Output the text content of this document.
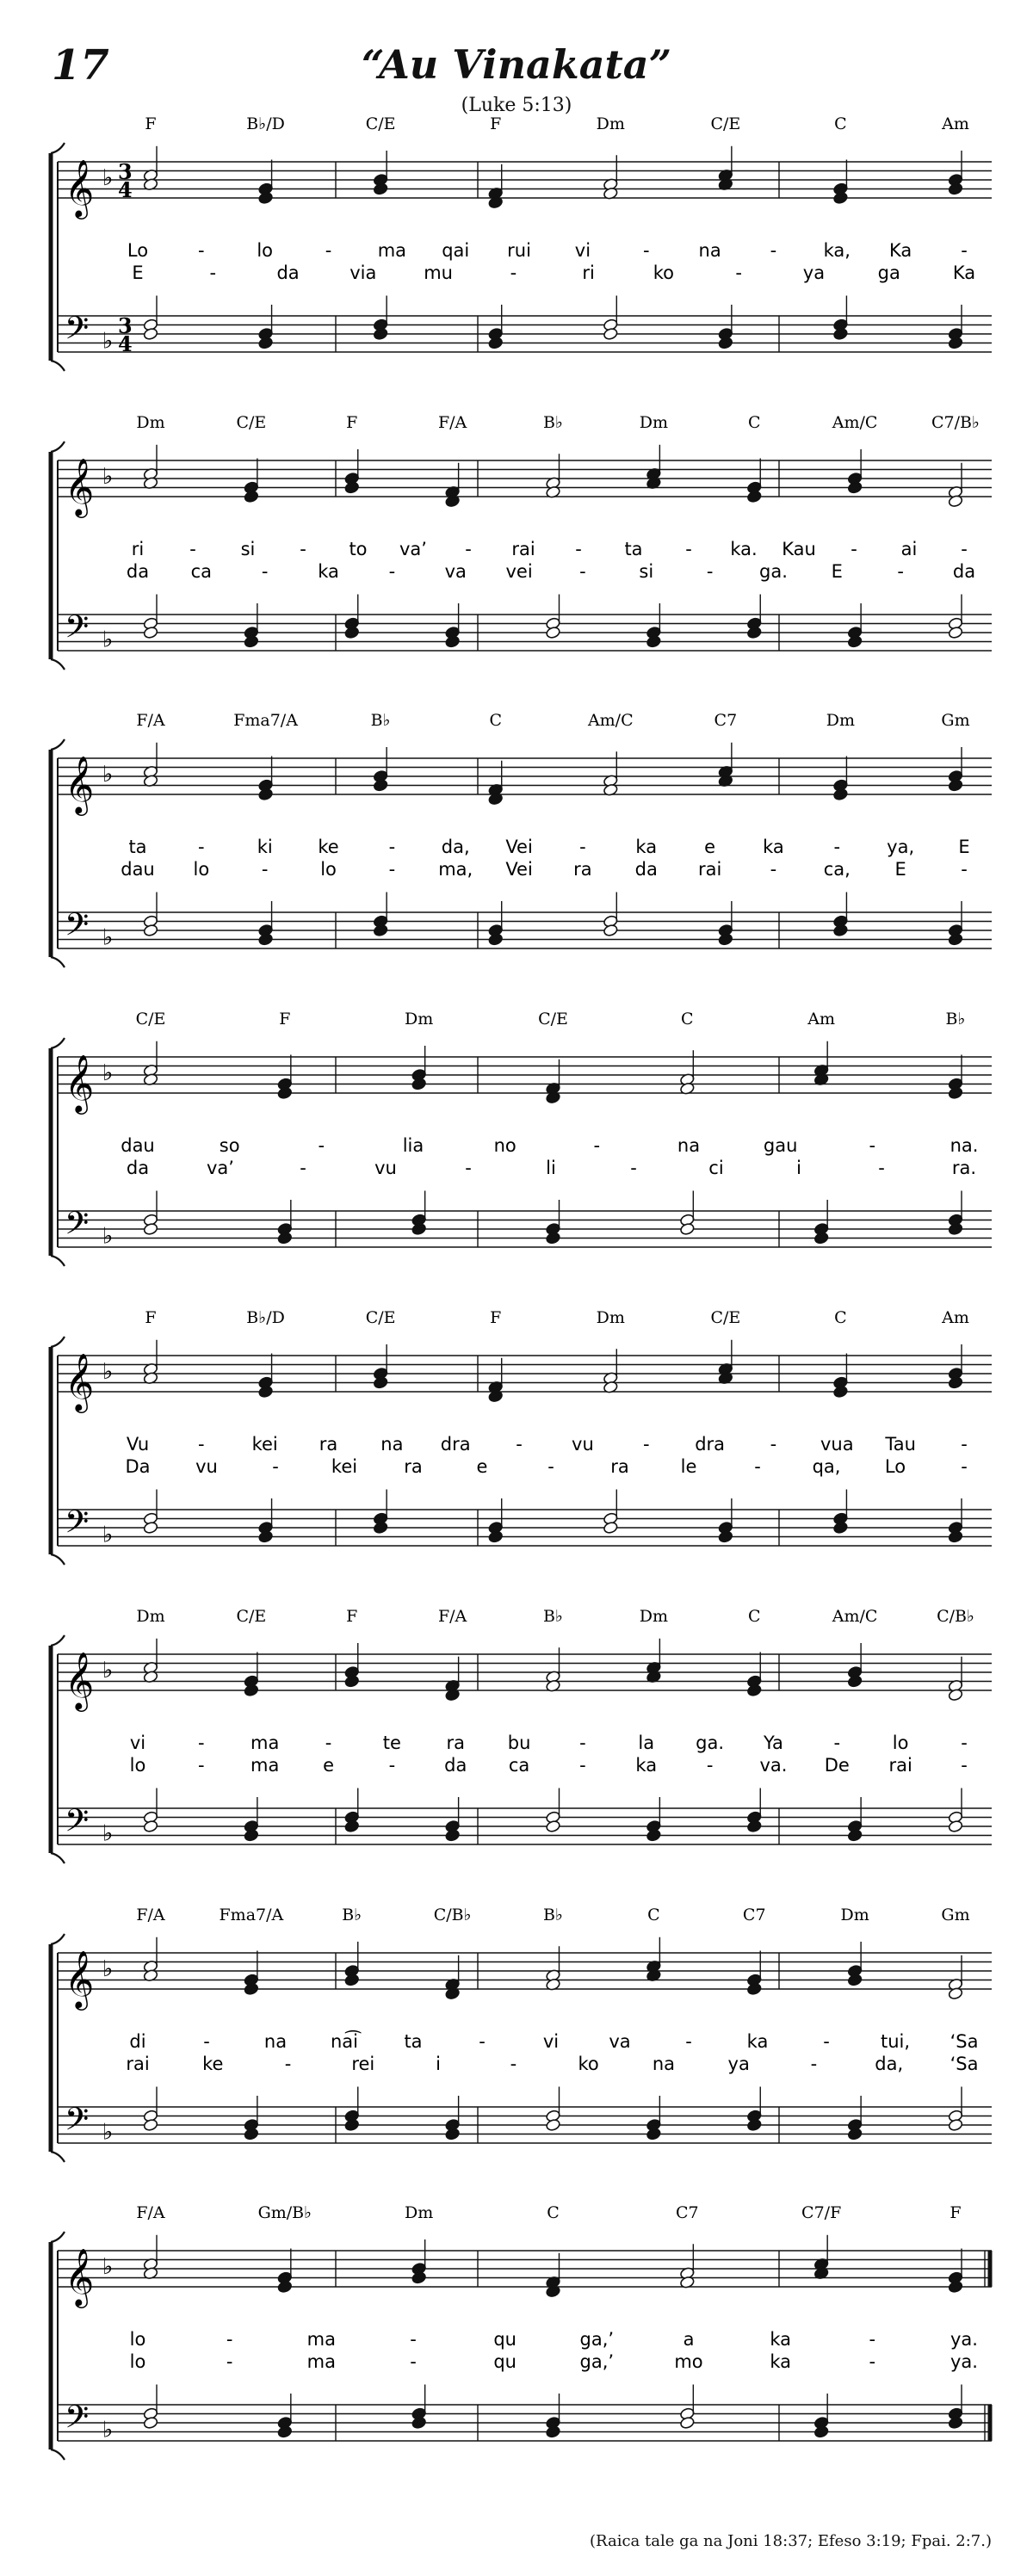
17	“Au Vinakata”
(Luke 5:13)
𝄞
𝄢
♭
♭
3
4
3
4
F	B♭/D	C/E	F	Dm	C/E	C	Am
Lo	-	lo	-	ma qai rui vi	-	na	-	ka, Ka	-
E	-	da	via	mu	-	ri	ko	-	ya	ga	Ka
𝄞
𝄢
♭
♭
Dm	C/E	F	F/A	B♭	Dm	C	Am/C	C7/B♭
ri	- si - to va’ - rai - ta - ka. Kau - ai -
da ca	-	ka	-	va vei	-	si	-	ga. E	-	da
𝄞
𝄢
♭
♭
F/A	Fma7/A	B♭	C	Am/C	C7	Dm	Gm
ta	-	ki	ke	-	da, Vei	-	ka	e	ka	-	ya, E
dau lo	-	lo	- ma, Vei ra da rai	-	ca, E	-
𝄞
𝄢
♭
♭
C/E	F	Dm	C/E	C	Am	B♭
dau	so	-	lia	no	-	na	gau	-	na.
da	va’	-	vu	-	li	-	ci	i	-	ra.
𝄞
𝄢
♭
♭
F	B♭/D	C/E	F	Dm	C/E	C	Am
Vu	-	kei ra na dra	-	vu	-	dra	- vua Tau -
Da	vu	-	kei	ra	e	-	ra	le	-	qa, Lo	-
𝄞
𝄢
♭
♭
Dm	C/E	F	F/A	B♭	Dm	C	Am/C	C/B♭
vi	-	ma	-	te	ra bu	-	la ga. Ya	-	lo	-
lo	-	ma e	-	da ca	-	ka	-	va. De rai	-
𝄞
𝄢
♭
♭
F/A	Fma7/A	B♭	C/B♭	B♭	C	C7	Dm	Gm
di	-	na na͡i	ta	-	vi	va	-	ka	-	tui, ‘Sa
rai	ke	-	rei	i	-	ko	na	ya	-	da,	‘Sa
𝄞
𝄢
♭
♭
F/A	Gm/B♭	Dm	C	C7	C7/F	F
lo	-	ma	-	qu	ga,’	a	ka	-	ya.
lo	-	ma	-	qu	ga,’	mo	ka	-	ya.
(Raica tale ga na Joni 18:37; Efeso 3:19; Fpai. 2:7.)
